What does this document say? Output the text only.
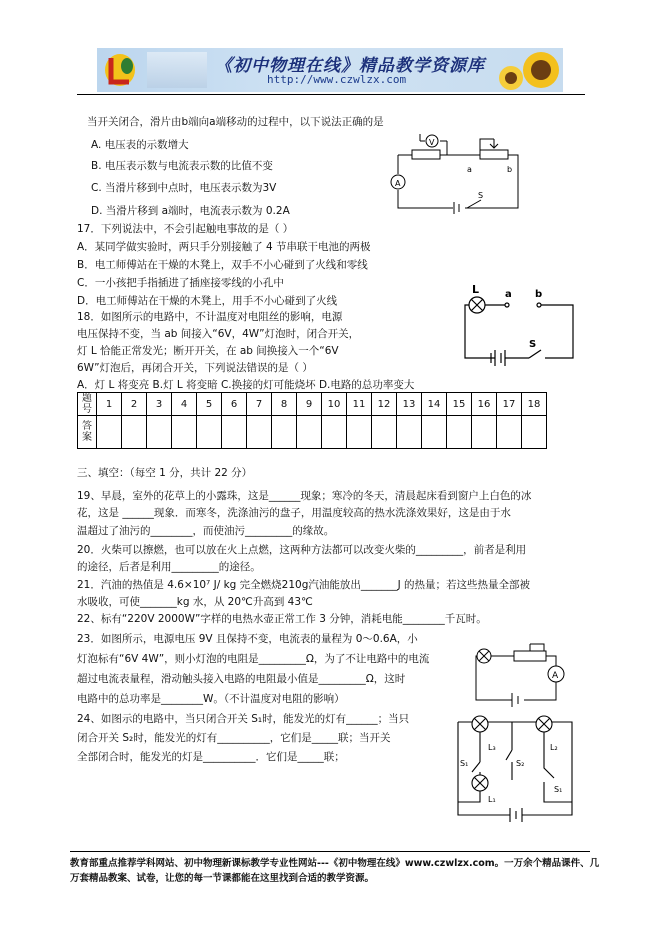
《初中物理在线》精品教学资源库
http://www.czwlzx.com
当开关闭合，滑片由b端向a端移动的过程中，以下说法正确的是
A. 电压表的示数增大
B. 电压表示数与电流表示数的比值不变
C. 当滑片移到中点时，电压表示数为3V
D. 当滑片移到 a端时，电流表示数为 0.2A
V
A
a	b
S
17．下列说法中，不会引起触电事故的是（ ）
A．某同学做实验时，两只手分别接触了 4 节串联干电池的两极
B．电工师傅站在干燥的木凳上，双手不小心碰到了火线和零线
C．一小孩把手指插进了插座接零线的小孔中
D．电工师傅站在干燥的木凳上，用手不小心碰到了火线
18．如图所示的电路中，不计温度对电阻丝的影响，电源
电压保持不变，当 ab 间接入“6V，4W”灯泡时，闭合开关，
灯 L 恰能正常发光；断开开关，在 ab 间换接入一个“6V
6W”灯泡后，再闭合开关，下列说法错误的是（ ）
A．灯 L 将变亮 B.灯 L 将变暗 C.换接的灯可能烧坏 D.电路的总功率变大
L	a b
S
题号	1	2	3	4	5	6	7	8	9	10	11	12	13	14	15	16	17	18
答案																		
三、填空：（每空 1 分，共计 22 分）
19、早晨，室外的花草上的小露珠，这是______现象；寒冷的冬天，清晨起床看到窗户上白色的冰
花，这是 ______现象．而寒冬，洗涤油污的盘子，用温度较高的热水洗涤效果好，这是由于水
温超过了油污的________，而使油污_________的缘故。
20．火柴可以擦燃，也可以放在火上点燃，这两种方法都可以改变火柴的_________，前者是利用
的途径，后者是利用_________的途径。
21．汽油的热值是 4.6×10⁷ J/ kg 完全燃烧210g汽油能放出_______J 的热量；若这些热量全部被
水吸收，可使_______kg 水，从 20℃升高到 43℃
22、标有“220V 2000W”字样的电热水壶正常工作 3 分钟，消耗电能________千瓦时。
23．如图所示，电源电压 9V 且保持不变，电流表的量程为 0～0.6A，小
灯泡标有“6V 4W”，则小灯泡的电阻是_________Ω，为了不让电路中的电流
超过电流表量程，滑动触头接入电路的电阻最小值是_________Ω，这时
电路中的总功率是________W。（不计温度对电阻的影响）
A
24、如图示的电路中，当只闭合开关 S₁时，能发光的灯有______；当只
闭合开关 S₂时，能发光的灯有__________，它们是_____联；当开关
全部闭合时，能发光的灯是__________．它们是_____联；
L₃	L₂
L₁
S₁	S₂
S₁
教育部重点推荐学科网站、初中物理新课标教学专业性网站---《初中物理在线》www.czwlzx.com。一万余个精品课件、几万套精品教案、试卷，让您的每一节课都能在这里找到合适的教学资源。
